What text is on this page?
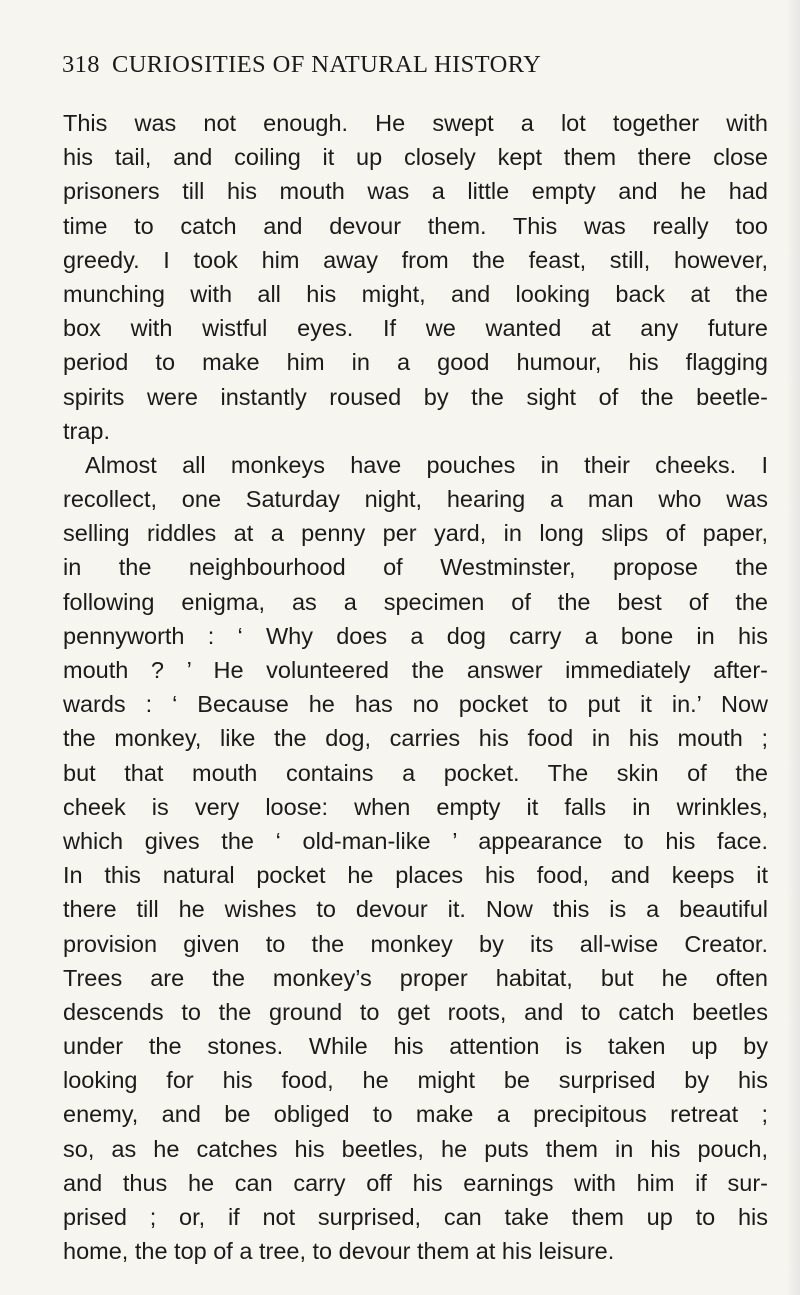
318 CURIOSITIES OF NATURAL HISTORY
This was not enough. He swept a lot together with
his tail, and coiling it up closely kept them there close
prisoners till his mouth was a little empty and he had
time to catch and devour them. This was really too
greedy. I took him away from the feast, still, however,
munching with all his might, and looking back at the
box with wistful eyes. If we wanted at any future
period to make him in a good humour, his flagging
spirits were instantly roused by the sight of the beetle-
trap.
Almost all monkeys have pouches in their cheeks. I
recollect, one Saturday night, hearing a man who was
selling riddles at a penny per yard, in long slips of paper,
in the neighbourhood of Westminster, propose the
following enigma, as a specimen of the best of the
pennyworth : ‘ Why does a dog carry a bone in his
mouth ? ’ He volunteered the answer immediately after-
wards : ‘ Because he has no pocket to put it in.’ Now
the monkey, like the dog, carries his food in his mouth ;
but that mouth contains a pocket. The skin of the
cheek is very loose: when empty it falls in wrinkles,
which gives the ‘ old-man-like ’ appearance to his face.
In this natural pocket he places his food, and keeps it
there till he wishes to devour it. Now this is a beautiful
provision given to the monkey by its all-wise Creator.
Trees are the monkey’s proper habitat, but he often
descends to the ground to get roots, and to catch beetles
under the stones. While his attention is taken up by
looking for his food, he might be surprised by his
enemy, and be obliged to make a precipitous retreat ;
so, as he catches his beetles, he puts them in his pouch,
and thus he can carry off his earnings with him if sur-
prised ; or, if not surprised, can take them up to his
home, the top of a tree, to devour them at his leisure.
